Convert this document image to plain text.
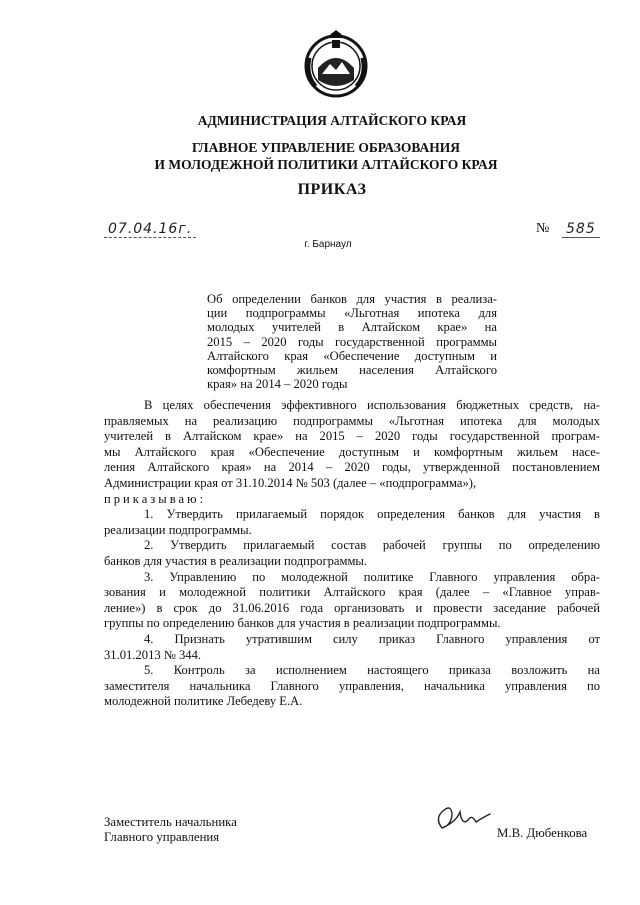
АДМИНИСТРАЦИЯ АЛТАЙСКОГО КРАЯ
ГЛАВНОЕ УПРАВЛЕНИЕ ОБРАЗОВАНИЯ
И МОЛОДЕЖНОЙ ПОЛИТИКИ АЛТАЙСКОГО КРАЯ
ПРИКАЗ
07.04.16г.	№ 585
г. Барнаул
Об определении банков для участия в реализа-
ции подпрограммы «Льготная ипотека для
молодых учителей в Алтайском крае» на
2015 – 2020 годы государственной программы
Алтайского края «Обеспечение доступным и
комфортным жильем населения Алтайского
края» на 2014 – 2020 годы
В целях обеспечения эффективного использования бюджетных средств, на-
правляемых на реализацию подпрограммы «Льготная ипотека для молодых
учителей в Алтайском крае» на 2015 – 2020 годы государственной програм-
мы Алтайского края «Обеспечение доступным и комфортным жильем насе-
ления Алтайского края» на 2014 – 2020 годы, утвержденной постановлением
Администрации края от 31.10.2014 № 503 (далее – «подпрограмма»),
приказываю:
1. Утвердить прилагаемый порядок определения банков для участия в
реализации подпрограммы.
2. Утвердить прилагаемый состав рабочей группы по определению
банков для участия в реализации подпрограммы.
3. Управлению по молодежной политике Главного управления обра-
зования и молодежной политики Алтайского края (далее – «Главное управ-
ление») в срок до 31.06.2016 года организовать и провести заседание рабочей
группы по определению банков для участия в реализации подпрограммы.
4. Признать утратившим силу приказ Главного управления от
31.01.2013 № 344.
5. Контроль за исполнением настоящего приказа возложить на
заместителя начальника Главного управления, начальника управления по
молодежной политике Лебедеву Е.А.
Заместитель начальника
Главного управления	М.В. Дюбенкова
